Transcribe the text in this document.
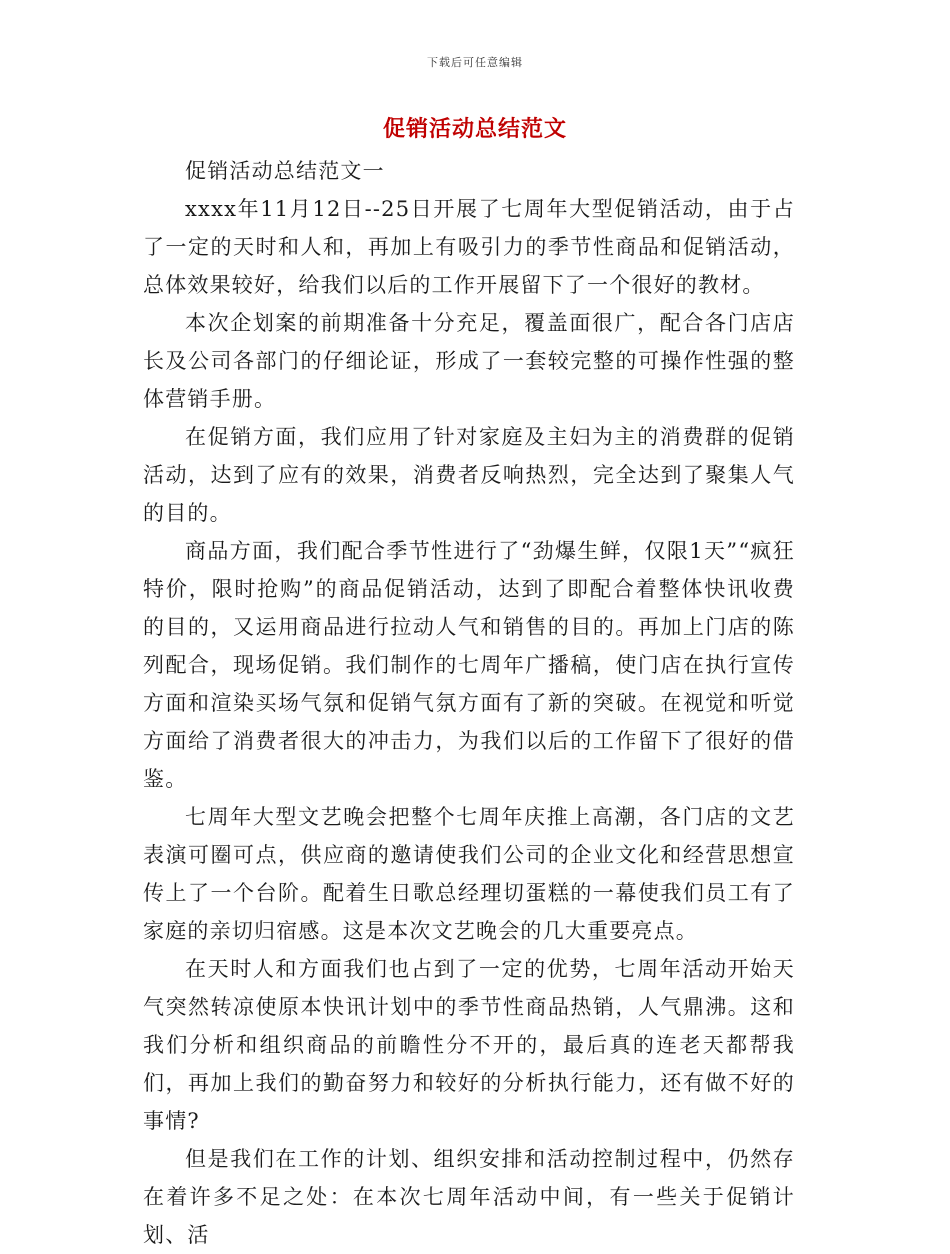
下载后可任意编辑
促销活动总结范文

促销活动总结范文一

xxxx年11月12日--25日开展了七周年大型促销活动，由于占了一定的天时和人和，再加上有吸引力的季节性商品和促销活动，总体效果较好，给我们以后的工作开展留下了一个很好的教材。

本次企划案的前期准备十分充足，覆盖面很广，配合各门店店长及公司各部门的仔细论证，形成了一套较完整的可操作性强的整体营销手册。

在促销方面，我们应用了针对家庭及主妇为主的消费群的促销活动，达到了应有的效果，消费者反响热烈，完全达到了聚集人气的目的。

商品方面，我们配合季节性进行了“劲爆生鲜，仅限1天”“疯狂特价，限时抢购”的商品促销活动，达到了即配合着整体快讯收费的目的，又运用商品进行拉动人气和销售的目的。再加上门店的陈列配合，现场促销。我们制作的七周年广播稿，使门店在执行宣传方面和渲染买场气氛和促销气氛方面有了新的突破。在视觉和听觉方面给了消费者很大的冲击力，为我们以后的工作留下了很好的借鉴。

七周年大型文艺晚会把整个七周年庆推上高潮，各门店的文艺表演可圈可点，供应商的邀请使我们公司的企业文化和经营思想宣传上了一个台阶。配着生日歌总经理切蛋糕的一幕使我们员工有了家庭的亲切归宿感。这是本次文艺晚会的几大重要亮点。

在天时人和方面我们也占到了一定的优势，七周年活动开始天气突然转凉使原本快讯计划中的季节性商品热销，人气鼎沸。这和我们分析和组织商品的前瞻性分不开的，最后真的连老天都帮我们，再加上我们的勤奋努力和较好的分析执行能力，还有做不好的事情?

但是我们在工作的计划、组织安排和活动控制过程中，仍然存在着许多不足之处：在本次七周年活动中间，有一些关于促销计划、活
